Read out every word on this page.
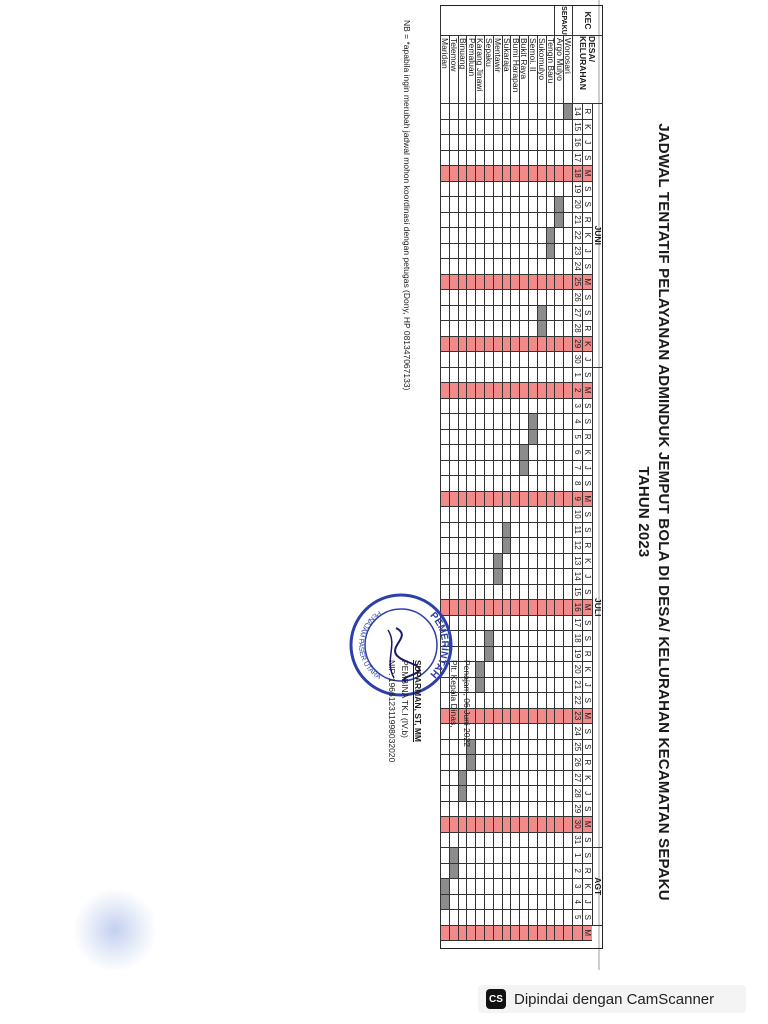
JADWAL TENTATIF PELAYANAN ADMINDUK JEMPUT BOLA DI DESA/ KELURAHAN KECAMATAN SEPAKU
TAHUN 2023
KEC
DESA/ KELURAHAN
JUNI
JULI
AGT
R
14
K
15
J
16
S
17
M
18
S
19
S
20
R
21
K
22
J
23
S
24
M
25
S
26
S
27
R
28
K
29
J
30
S
1
M
2
S
3
S
4
R
5
K
6
J
7
S
8
M
9
S
10
S
11
R
12
K
13
J
14
S
15
M
16
S
17
S
18
R
19
K
20
J
21
S
22
M
23
S
24
S
25
R
26
K
27
J
28
S
29
M
30
S
31
S
1
R
2
K
3
J
4
S
5
M
SEPAKU
Wonosari
Argo Mulyo
Tengin Baru
Sukomulyo
Semoi. II
Bukit Raya
Bumi Harapan
Sukaraja
Mentawir
Sepaku
Karang Jinawi
Pemaluan
Binuang
Telemow
Maridan
NB = *apabila ingin merubah jadwal mohon koordinasi dengan petugas (Dony, HP 081347067133)
PEMERINTAH
PENAJAM PASER UTARA	Penajam, 06 Juni 2022
Plt. Kepala Dinas,
SUPARMAN, ST, MM
PEMBINA TK.I (IV.b)
NIP. 196612311998032020
CS Dipindai dengan CamScanner
